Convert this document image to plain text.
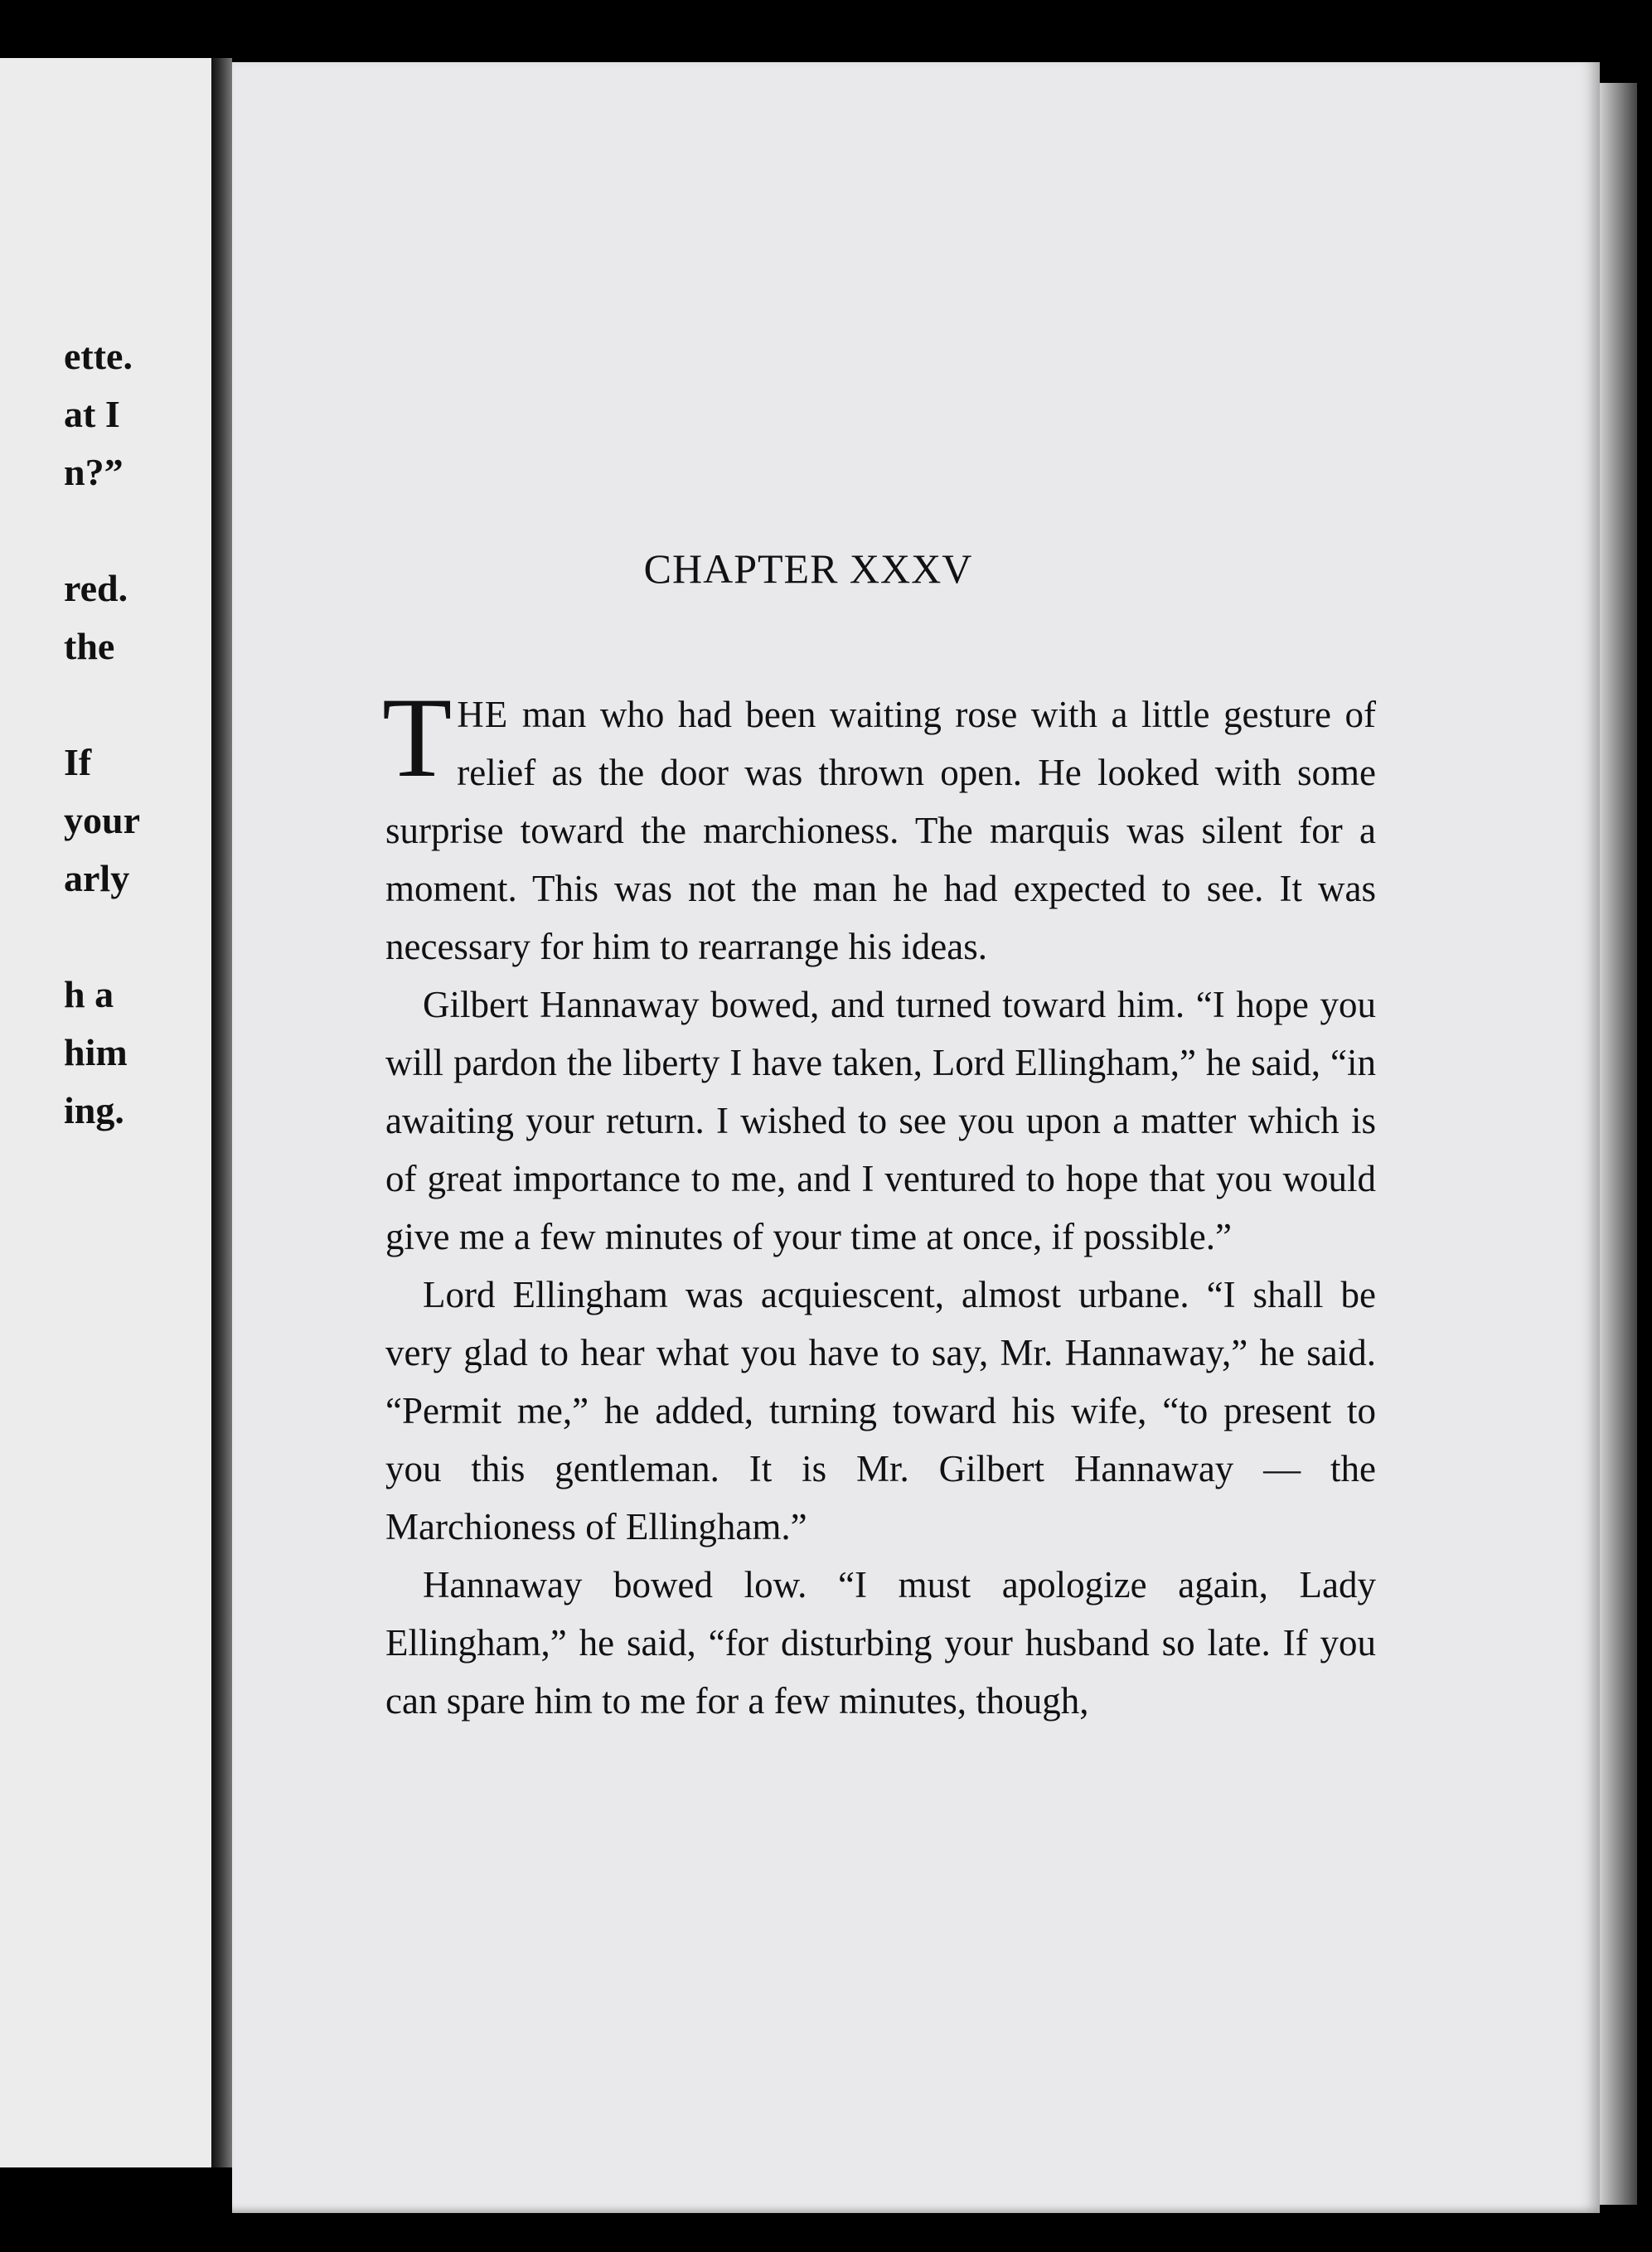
ette.
at I
n?”
red.
the
If
your
arly
h a
him
ing.
CHAPTER XXXV

THE man who had been waiting rose with a little gesture of relief as the door was thrown open. He looked with some surprise toward the marchioness. The marquis was silent for a moment. This was not the man he had expected to see. It was necessary for him to rearrange his ideas.

Gilbert Hannaway bowed, and turned toward him. “I hope you will pardon the liberty I have taken, Lord Ellingham,” he said, “in awaiting your return. I wished to see you upon a matter which is of great importance to me, and I ventured to hope that you would give me a few minutes of your time at once, if possible.”

Lord Ellingham was acquiescent, almost urbane. “I shall be very glad to hear what you have to say, Mr. Hannaway,” he said. “Permit me,” he added, turning toward his wife, “to present to you this gentleman. It is Mr. Gilbert Hannaway — the Marchioness of Ellingham.”

Hannaway bowed low. “I must apologize again, Lady Ellingham,” he said, “for disturbing your husband so late. If you can spare him to me for a few minutes, though,
